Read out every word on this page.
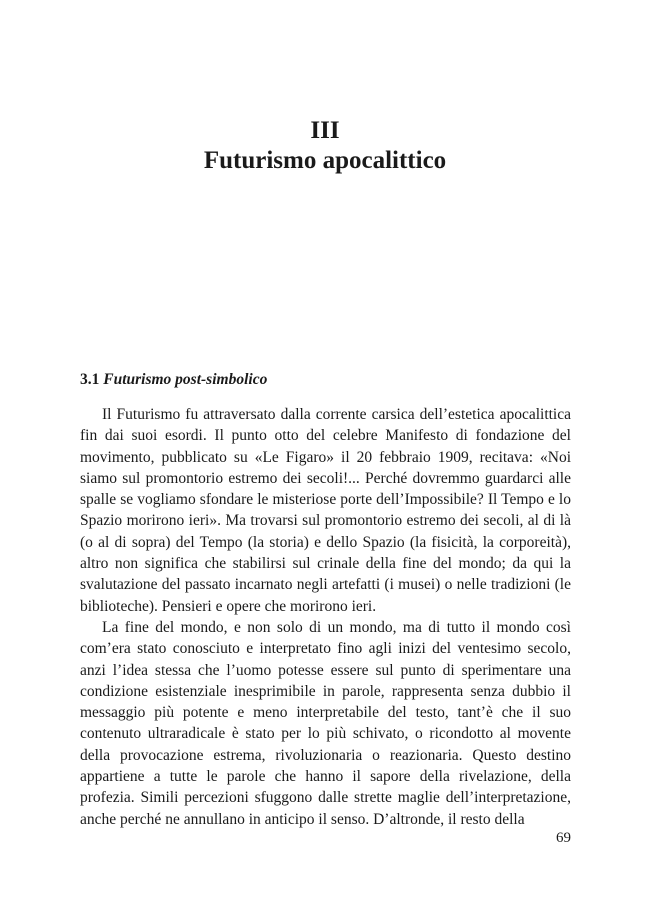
III
Futurismo apocalittico
3.1 Futurismo post-simbolico

Il Futurismo fu attraversato dalla corrente carsica dell’estetica apocalittica fin dai suoi esordi. Il punto otto del celebre Manifesto di fondazione del movimento, pubblicato su «Le Figaro» il 20 febbraio 1909, recitava: «Noi siamo sul promontorio estremo dei secoli!... Perché dovremmo guardarci alle spalle se vogliamo sfondare le misteriose porte dell’Impossibile? Il Tempo e lo Spazio morirono ieri». Ma trovarsi sul promontorio estremo dei secoli, al di là (o al di sopra) del Tempo (la storia) e dello Spazio (la fisicità, la corporeità), altro non significa che stabilirsi sul crinale della fine del mondo; da qui la svalutazione del passato incarnato negli artefatti (i musei) o nelle tradizioni (le biblioteche). Pensieri e opere che morirono ieri.

La fine del mondo, e non solo di un mondo, ma di tutto il mondo così com’era stato conosciuto e interpretato fino agli inizi del ventesimo secolo, anzi l’idea stessa che l’uomo potesse essere sul punto di sperimentare una condizione esistenziale inesprimibile in parole, rappresenta senza dubbio il messaggio più potente e meno interpretabile del testo, tant’è che il suo contenuto ultraradicale è stato per lo più schivato, o ricondotto al movente della provocazione estrema, rivoluzionaria o reazionaria. Questo destino appartiene a tutte le parole che hanno il sapore della rivelazione, della profezia. Simili percezioni sfuggono dalle strette maglie dell’interpretazione, anche perché ne annullano in anticipo il senso. D’altronde, il resto della

69
